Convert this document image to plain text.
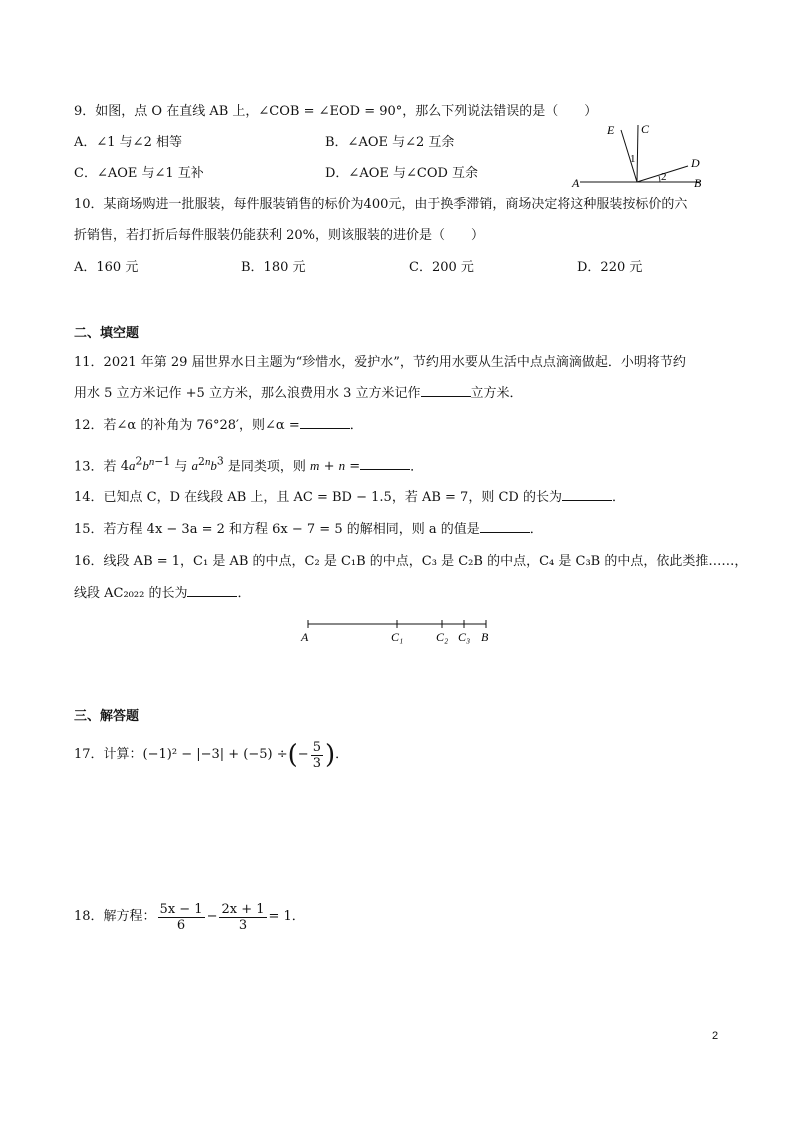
9．如图，点 O 在直线 AB 上，∠COB = ∠EOD = 90°，那么下列说法错误的是（　　）
A．∠1 与∠2 相等	B．∠AOE 与∠2 互余
C．∠AOE 与∠1 互补	D．∠AOE 与∠COD 互余
E C
D
A	B
1
2
10．某商场购进一批服装，每件服装销售的标价为400元，由于换季滞销，商场决定将这种服装按标价的六
折销售，若打折后每件服装仍能获利 20%，则该服装的进价是（　　）
A．160 元	B．180 元	C．200 元	D．220 元
二、填空题
11．2021 年第 29 届世界水日主题为“珍惜水，爱护水”，节约用水要从生活中点点滴滴做起．小明将节约
用水 5 立方米记作 +5 立方米，那么浪费用水 3 立方米记作	立方米．
12．若∠α 的补角为 76°28′，则∠α =	．
13．若 $4a^2b^{n-1}$ 与 $a^{2n}b^3$ 是同类项，则 m + n =	．
14．已知点 C，D 在线段 AB 上，且 AC = BD − 1.5，若 AB = 7，则 CD 的长为	．
15．若方程 4x − 3a = 2 和方程 6x − 7 = 5 的解相同，则 a 的值是	．
16．线段 AB = 1，C₁ 是 AB 的中点，C₂ 是 C₁B 的中点，C₃ 是 C₂B 的中点，C₄ 是 C₃B 的中点，依此类推……，
线段 AC₂₀₂₂ 的长为	．
A	C₁	C₂ C₃ B
三、解答题
17．计算： (−1)² − |−3| + (−5) ÷ ( − $\frac{5}{3}$ ) ．
18．解方程： $\frac{5x - 1}{6} - \frac{2x + 1}{3} = 1$．
2
